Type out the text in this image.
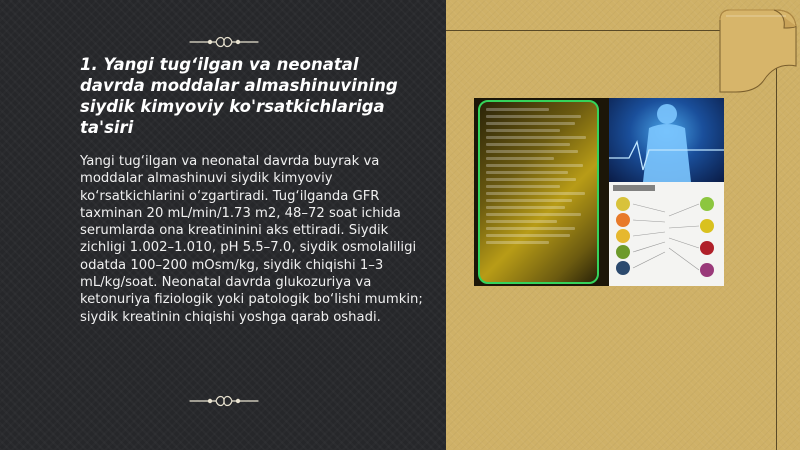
1. Yangi tug‘ilgan va neonatal davrda moddalar almashinuvining siydik kimyoviy ko'rsatkichlariga ta'siri
Yangi tug‘ilgan va neonatal davrda buyrak va moddalar almashinuvi siydik kimyoviy ko‘rsatkichlarini o‘zgartiradi. Tug‘ilganda GFR taxminan 20 mL/min/1.73 m2, 48–72 soat ichida serumlarda ona kreatininini aks ettiradi. Siydik zichligi 1.002–1.010, pH 5.5–7.0, siydik osmolaliligi odatda 100–200 mOsm/kg, siydik chiqishi 1–3 mL/kg/soat. Neonatal davrda glukozuriya va ketonuriya fiziologik yoki patologik bo‘lishi mumkin; siydik kreatinin chiqishi yoshga qarab oshadi.
